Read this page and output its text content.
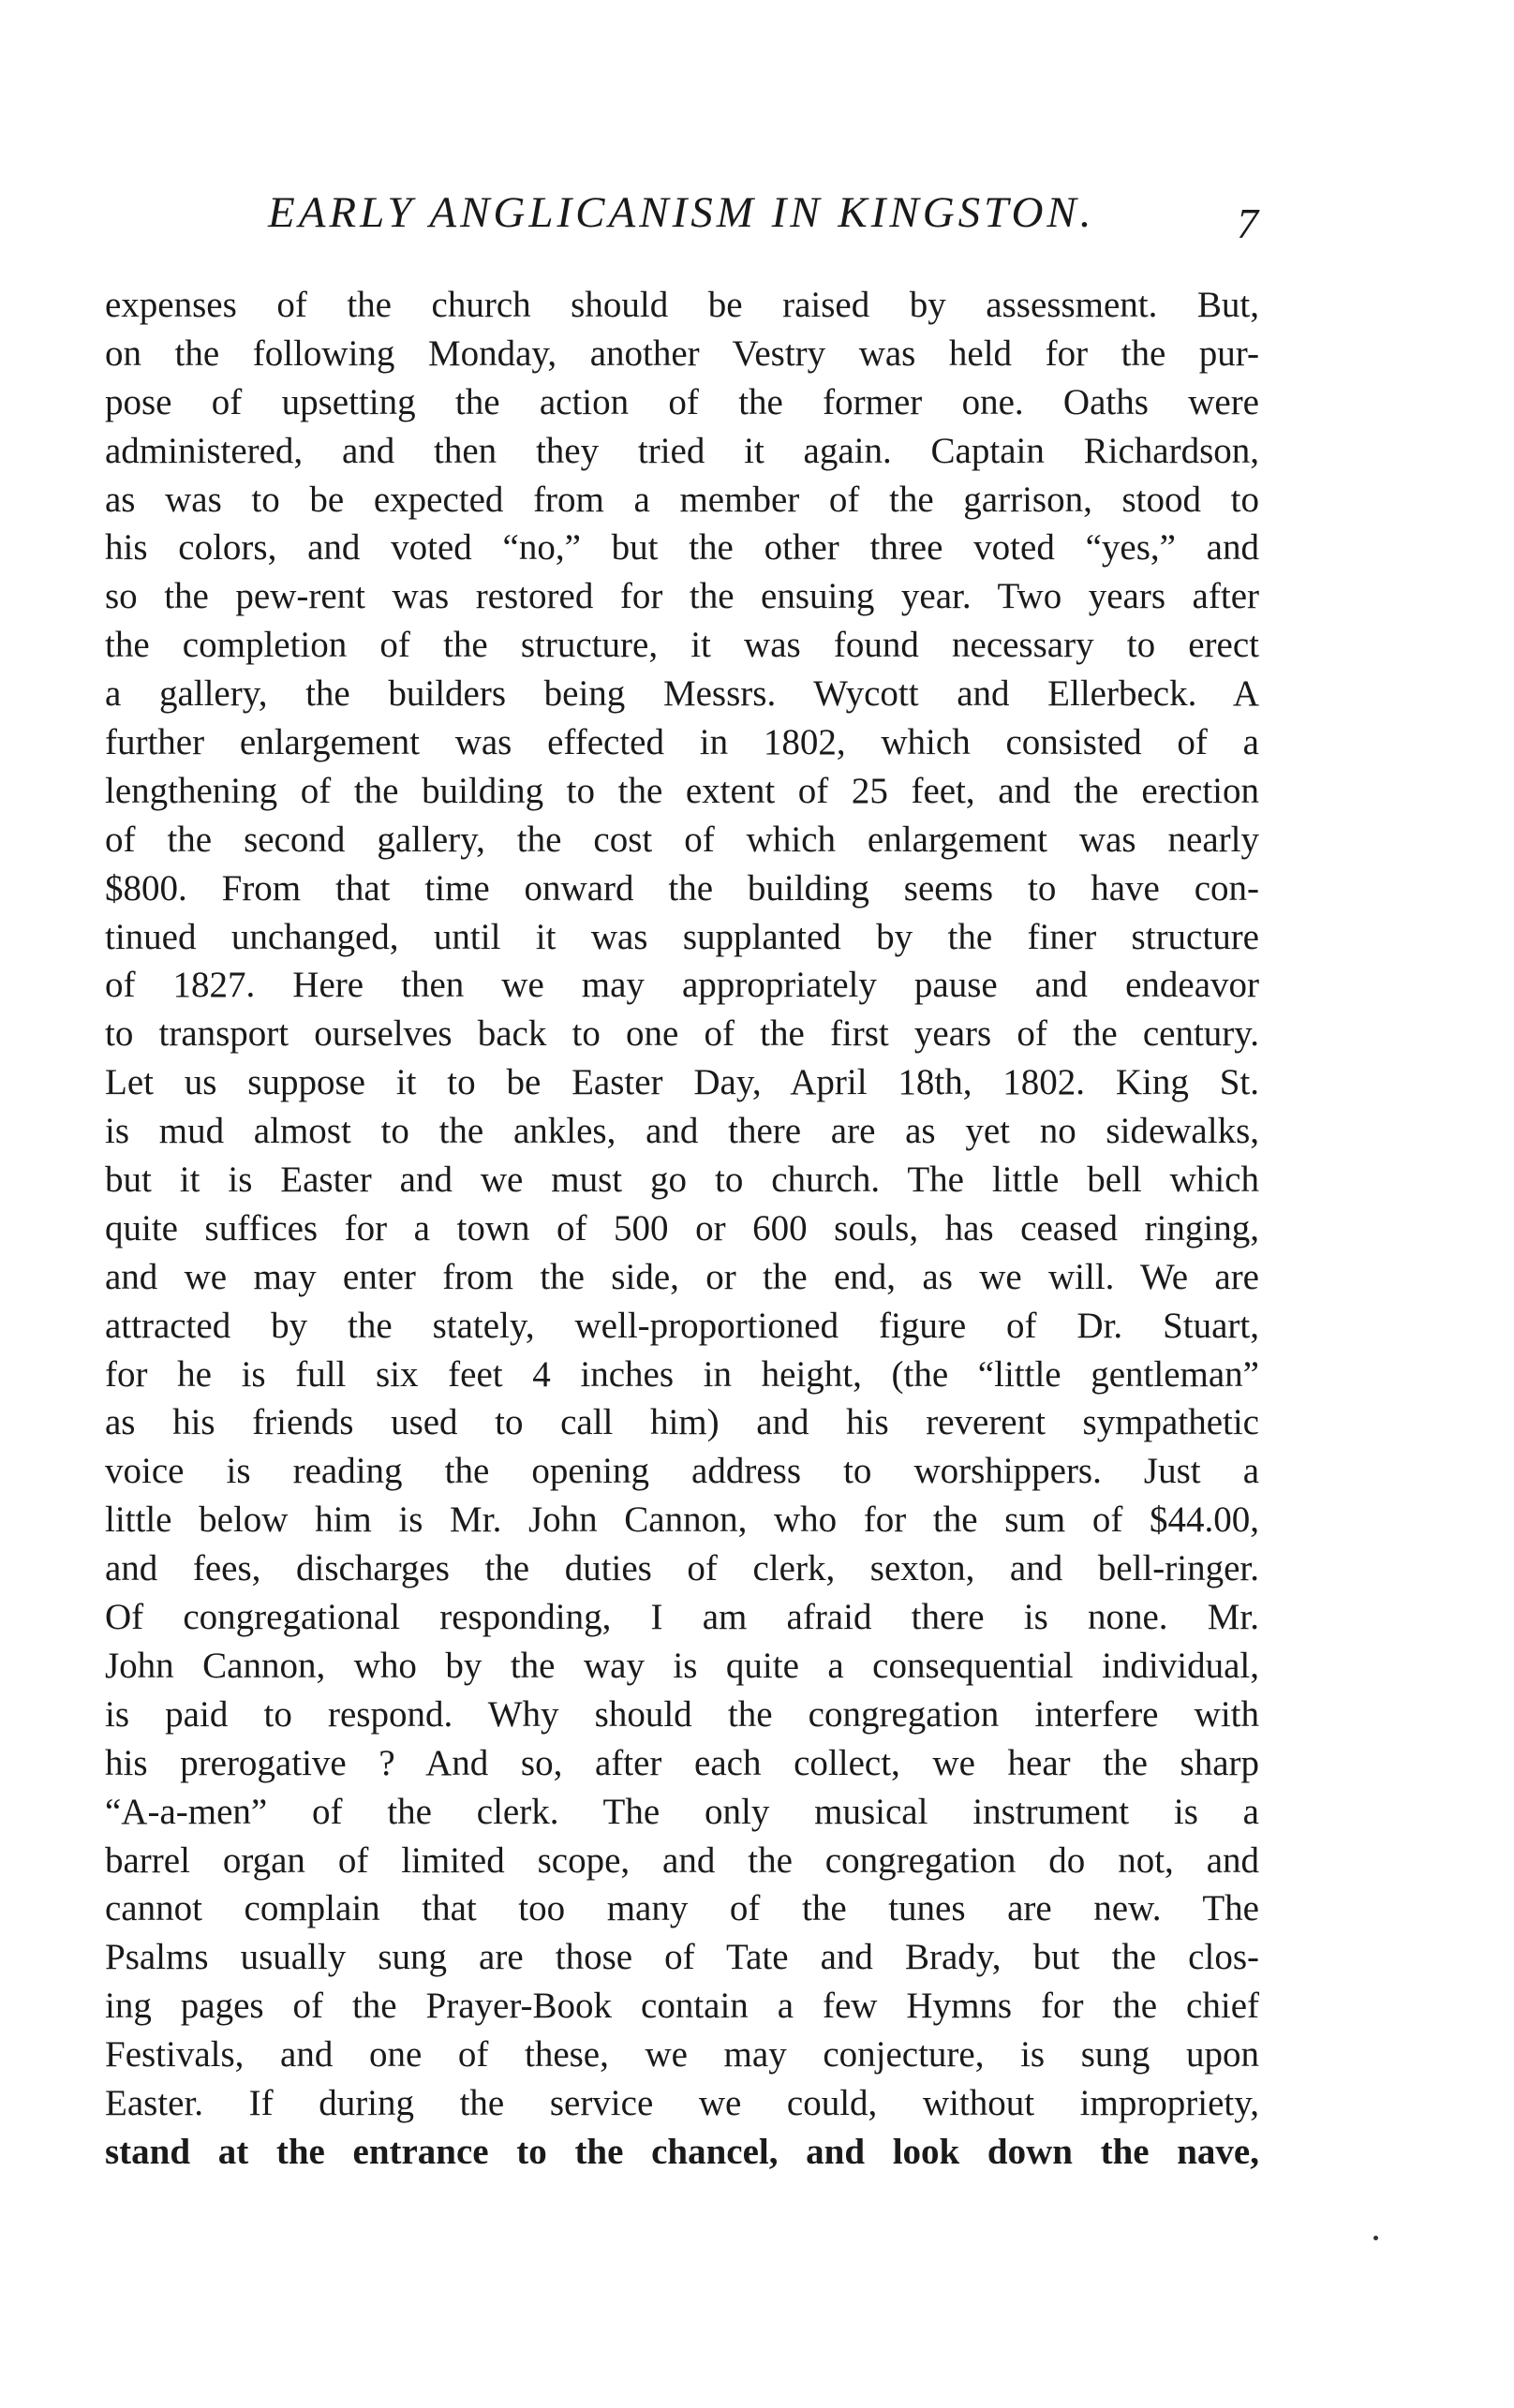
EARLY ANGLICANISM IN KINGSTON.	7
expenses of the church should be raised by assessment. But,
on the following Monday, another Vestry was held for the pur-
pose of upsetting the action of the former one. Oaths were
administered, and then they tried it again. Captain Richardson,
as was to be expected from a member of the garrison, stood to
his colors, and voted “no,” but the other three voted “yes,” and
so the pew-rent was restored for the ensuing year. Two years after
the completion of the structure, it was found necessary to erect
a gallery, the builders being Messrs. Wycott and Ellerbeck. A
further enlargement was effected in 1802, which consisted of a
lengthening of the building to the extent of 25 feet, and the erection
of the second gallery, the cost of which enlargement was nearly
$800. From that time onward the building seems to have con-
tinued unchanged, until it was supplanted by the finer structure
of 1827. Here then we may appropriately pause and endeavor
to transport ourselves back to one of the first years of the century.
Let us suppose it to be Easter Day, April 18th, 1802. King St.
is mud almost to the ankles, and there are as yet no sidewalks,
but it is Easter and we must go to church. The little bell which
quite suffices for a town of 500 or 600 souls, has ceased ringing,
and we may enter from the side, or the end, as we will. We are
attracted by the stately, well-proportioned figure of Dr. Stuart,
for he is full six feet 4 inches in height, (the “little gentleman”
as his friends used to call him) and his reverent sympathetic
voice is reading the opening address to worshippers. Just a
little below him is Mr. John Cannon, who for the sum of $44.00,
and fees, discharges the duties of clerk, sexton, and bell-ringer.
Of congregational responding, I am afraid there is none. Mr.
John Cannon, who by the way is quite a consequential individual,
is paid to respond. Why should the congregation interfere with
his prerogative ? And so, after each collect, we hear the sharp
“A-a-men” of the clerk. The only musical instrument is a
barrel organ of limited scope, and the congregation do not, and
cannot complain that too many of the tunes are new. The
Psalms usually sung are those of Tate and Brady, but the clos-
ing pages of the Prayer-Book contain a few Hymns for the chief
Festivals, and one of these, we may conjecture, is sung upon
Easter. If during the service we could, without impropriety,
stand at the entrance to the chancel, and look down the nave,
